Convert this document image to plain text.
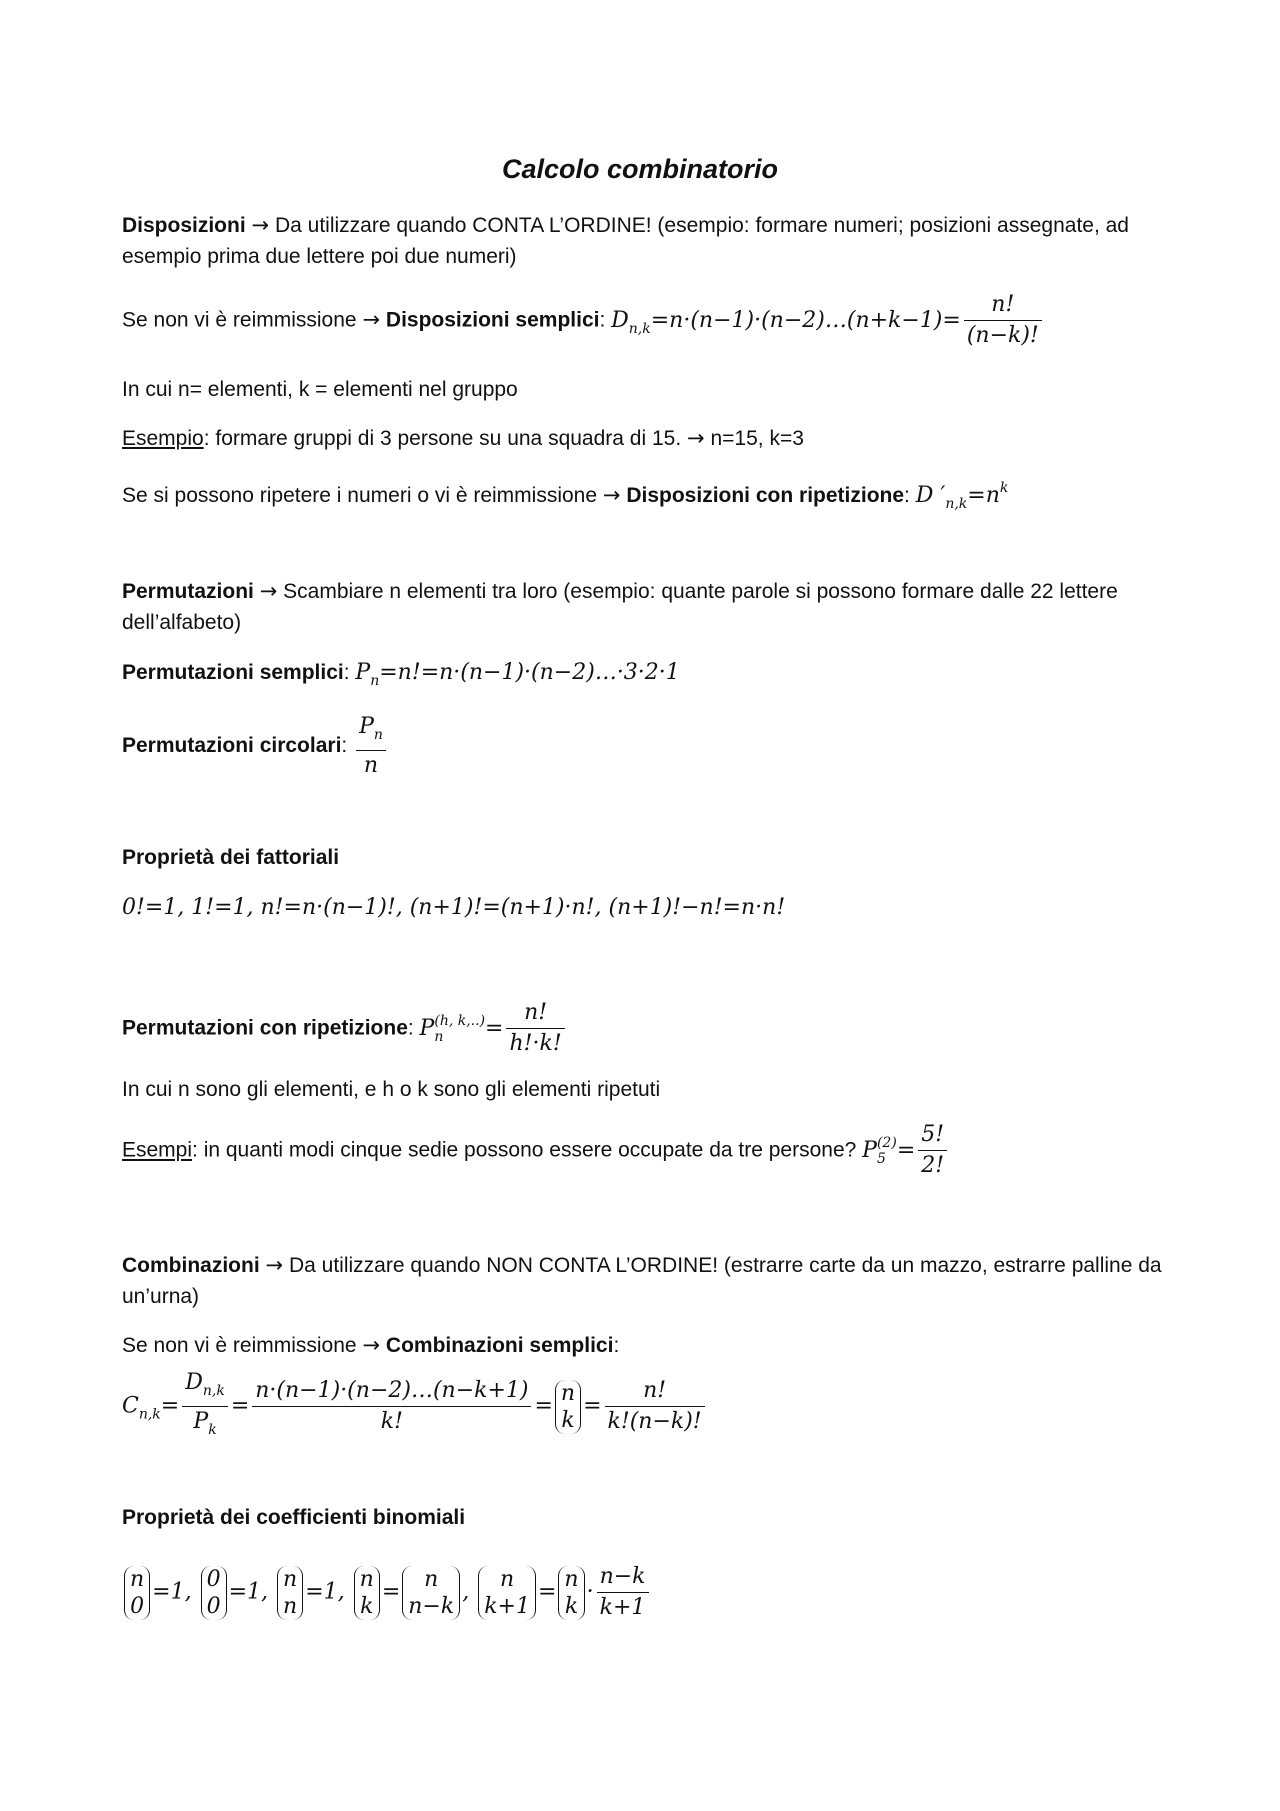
Calcolo combinatorio
Disposizioni → Da utilizzare quando CONTA L’ORDINE! (esempio: formare numeri; posizioni assegnate, ad esempio prima due lettere poi due numeri)
Se non vi è reimmissione → Disposizioni semplici: $D_{n,k}=n\cdot(n-1)\cdot(n-2)\dots(n+k-1)= \frac{n!}{(n-k)!}$
In cui n= elementi, k = elementi nel gruppo
Esempio: formare gruppi di 3 persone su una squadra di 15. → n=15, k=3
Se si possono ripetere i numeri o vi è reimmissione → Disposizioni con ripetizione: D $'_{n,k}=n^k$
Permutazioni → Scambiare n elementi tra loro (esempio: quante parole si possono formare dalle 22 lettere dell’alfabeto)
Permutazioni semplici: $P_n=n!=n\cdot(n-1)\cdot(n-2)\dots\cdot 3\cdot 2\cdot 1$
Permutazioni circolari: $\frac{P_n}{n}$
Proprietà dei fattoriali
0!=1, 1!=1, n!=n·(n−1)!, (n+1)!=(n+1)·n!, (n+1)!−n!=n·n!
Permutazioni con ripetizione: P (h, k,..)
n	= $\frac{n!}{h!\cdot k!}$
In cui n sono gli elementi, e h o k sono gli elementi ripetuti
Esempi: in quanti modi cinque sedie possono essere occupate da tre persone? P (2)
$5 = \frac{5!}{2!}$
Combinazioni → Da utilizzare quando NON CONTA L’ORDINE! (estrarre carte da un mazzo, estrarre palline da un’urna)
Se non vi è reimmissione → Combinazioni semplici:
$C_{n,k}= \frac{D_{n,k}}{P_k} = \frac{n\cdot(n-1)\cdot(n-2)\dots(n-k+1)}{k!}$ =
n
k
= $\frac{n!}{k!(n-k)!}$
Proprietà dei coefficienti binomiali
n
0
=1,
0
0
=1,
n
n
=1,
n
k
=
n
n−k
,
n
k+1
=
n
k
· $\frac{n-k}{k+1}$
